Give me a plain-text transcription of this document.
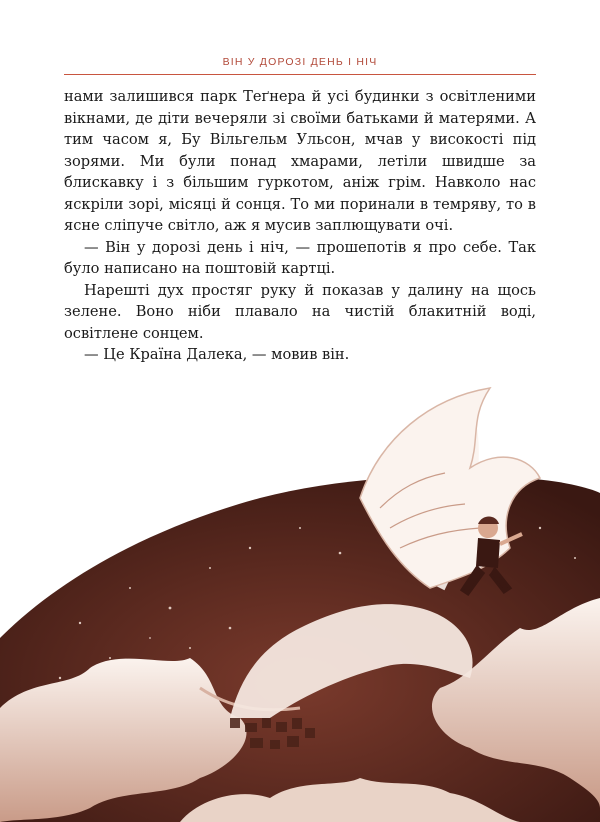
ВІН У ДОРОЗІ ДЕНЬ І НІЧ

нами залишився парк Теґнера й усі будинки з освітленими вікнами, де діти вечеряли зі своїми батьками й матерями. А тим часом я, Бу Вільгельм Ульсон, мчав у високості під зорями. Ми були понад хмарами, летіли швидше за блискавку і з більшим гуркотом, аніж грім. Навколо нас яскріли зорі, місяці й сонця. То ми поринали в темряву, то в ясне сліпуче світло, аж я мусив заплющувати очі.

— Він у дорозі день і ніч, — прошепотів я про себе. Так було написано на поштовій картці.

Нарешті дух простяг руку й показав у далину на щось зелене. Воно ніби плавало на чистій блакитній воді, освітлене сонцем.

— Це Країна Далека, — мовив він.
